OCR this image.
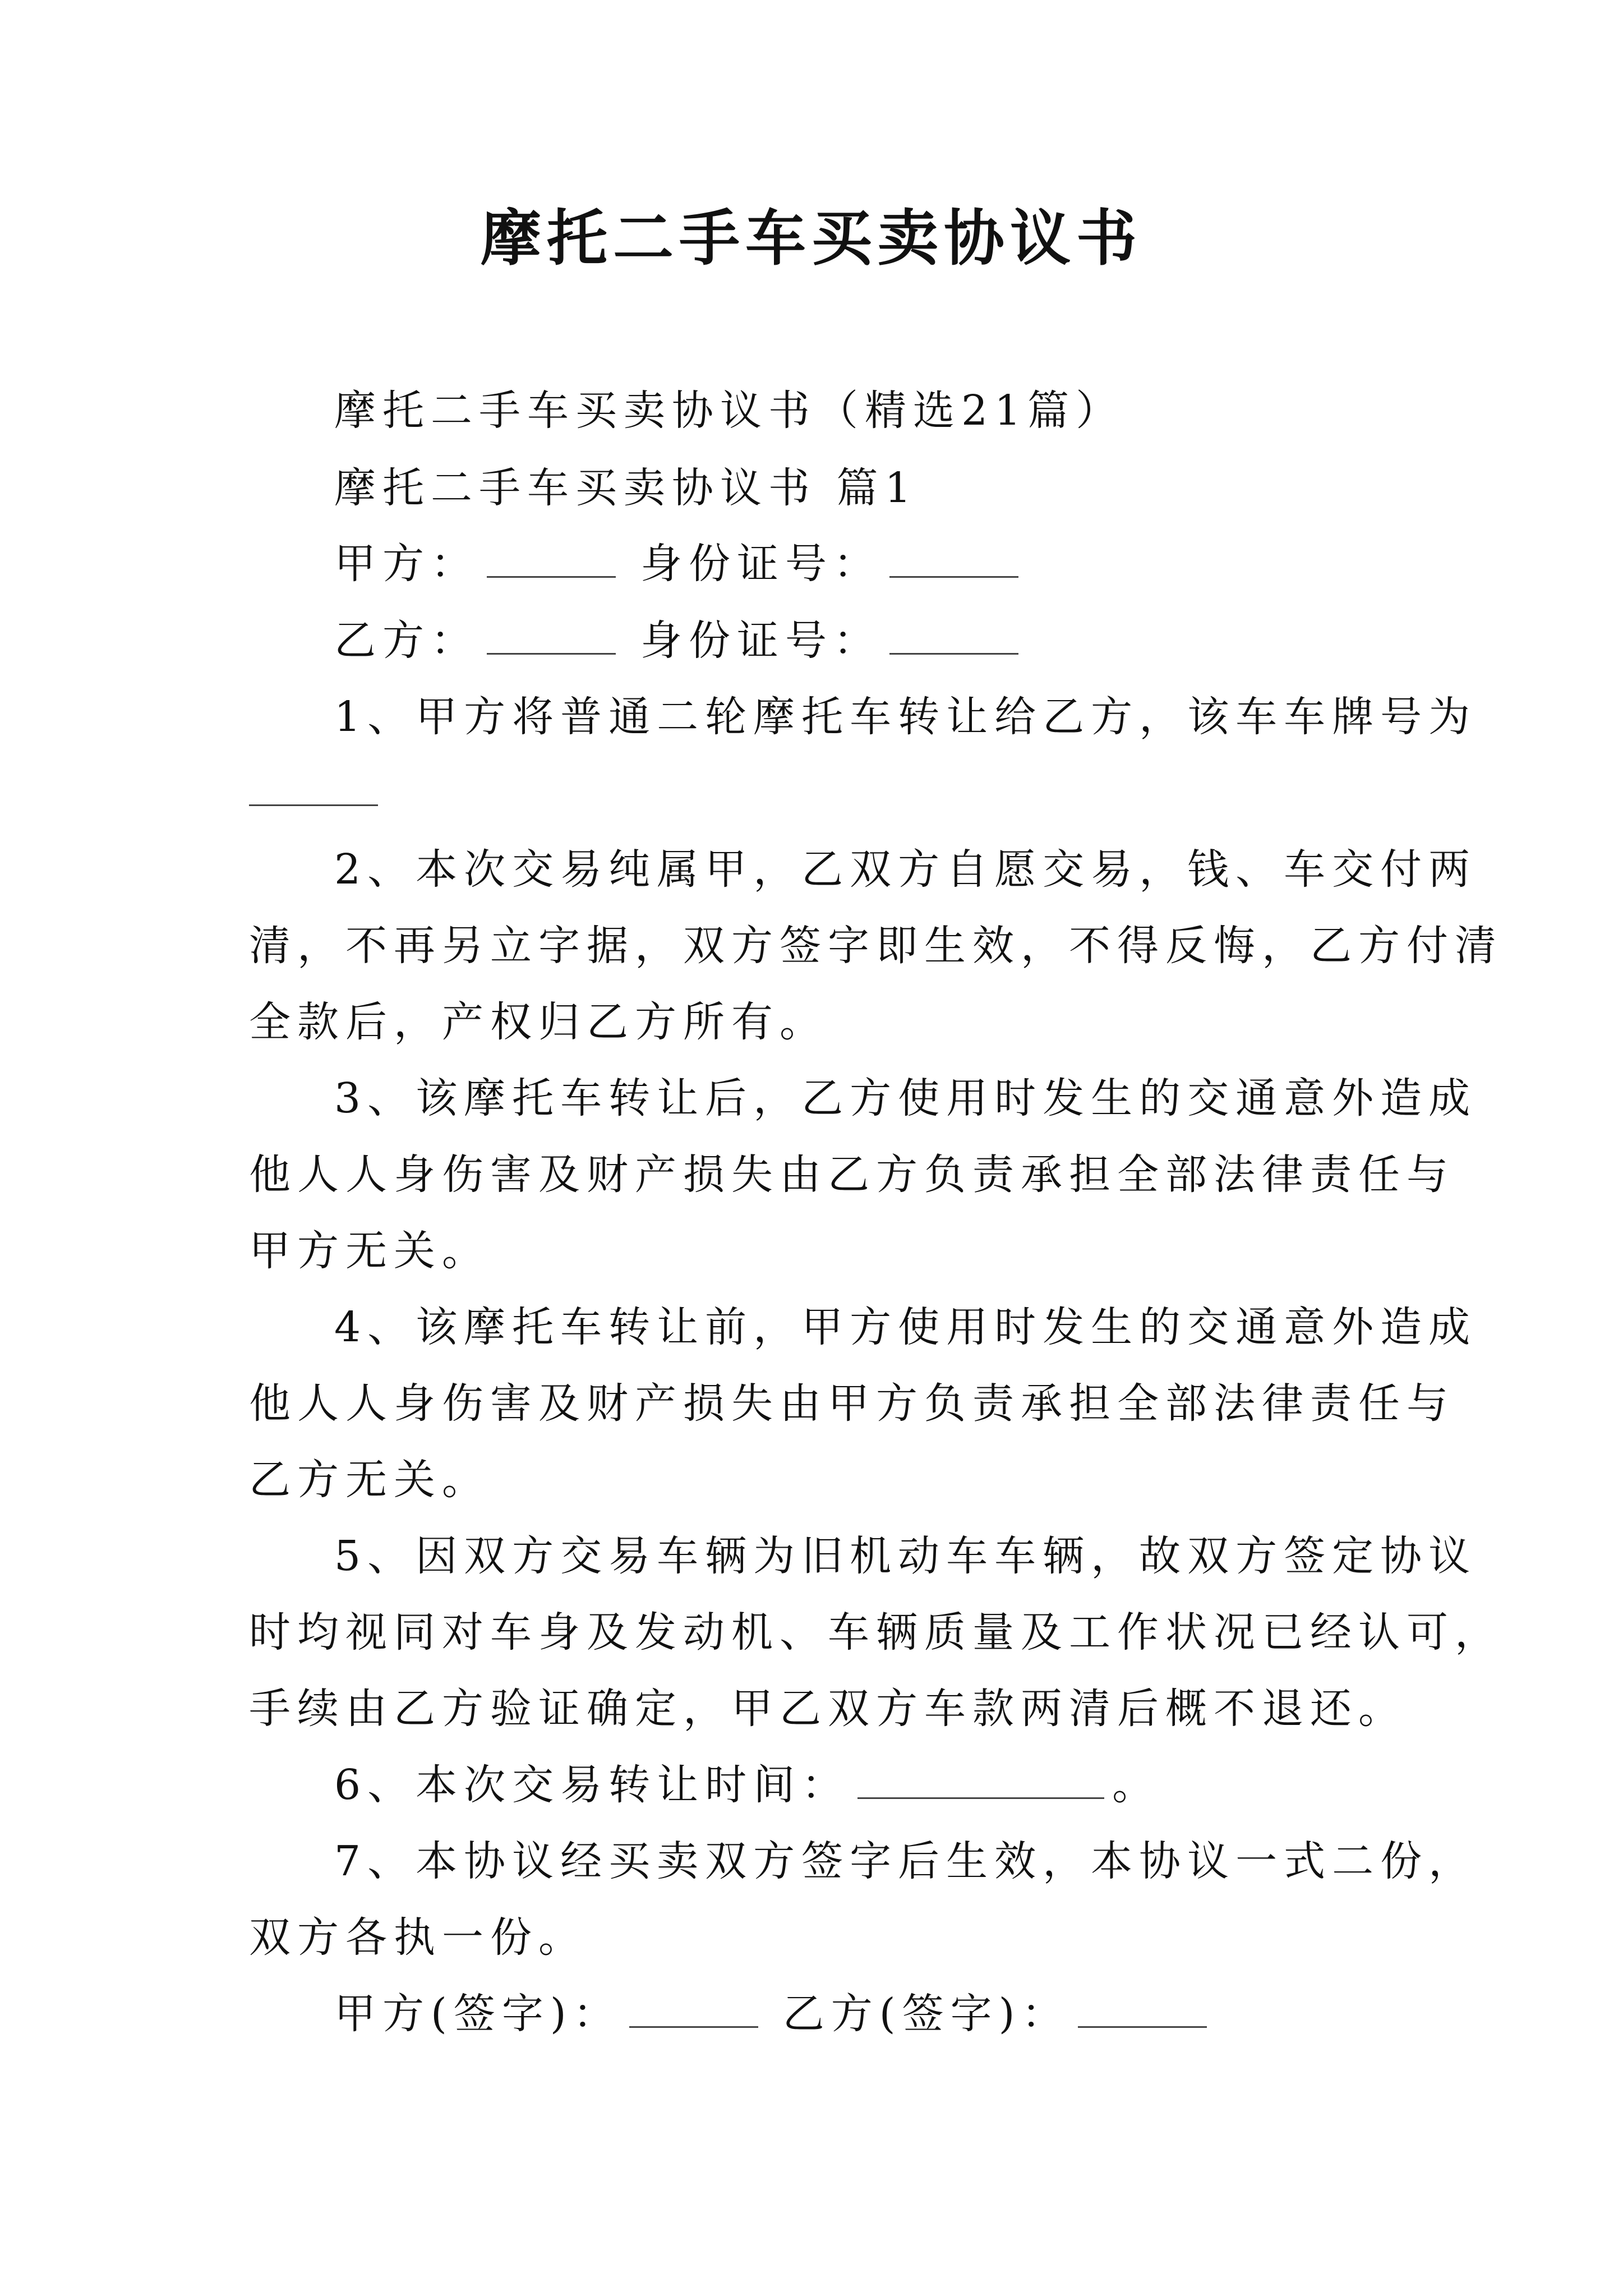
摩托二手车买卖协议书
摩托二手车买卖协议书（精选21篇）
摩托二手车买卖协议书 篇1
甲方：	身份证号：
乙方：	身份证号：
1、甲方将普通二轮摩托车转让给乙方，该车车牌号为
2、本次交易纯属甲，乙双方自愿交易，钱、车交付两
清，不再另立字据，双方签字即生效，不得反悔，乙方付清
全款后，产权归乙方所有。
3、该摩托车转让后，乙方使用时发生的交通意外造成
他人人身伤害及财产损失由乙方负责承担全部法律责任与
甲方无关。
4、该摩托车转让前，甲方使用时发生的交通意外造成
他人人身伤害及财产损失由甲方负责承担全部法律责任与
乙方无关。
5、因双方交易车辆为旧机动车车辆，故双方签定协议
时均视同对车身及发动机、车辆质量及工作状况已经认可，
手续由乙方验证确定，甲乙双方车款两清后概不退还。
6、本次交易转让时间：	。
7、本协议经买卖双方签字后生效，本协议一式二份，
双方各执一份。
甲方(签字)：	乙方(签字)：
